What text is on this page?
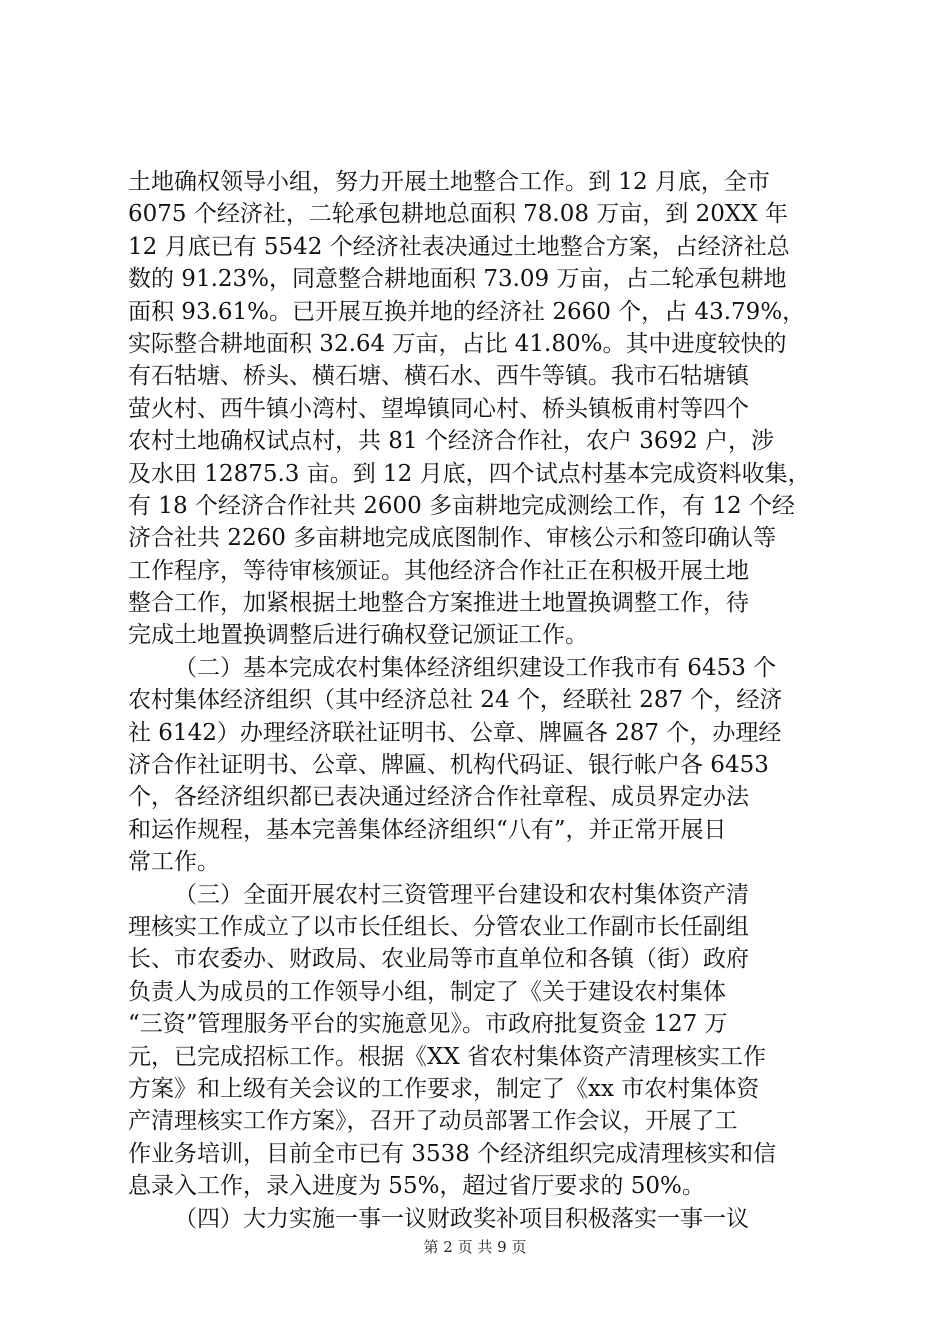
土地确权领导小组，努力开展土地整合工作。到 12 月底，全市
6075 个经济社，二轮承包耕地总面积 78.08 万亩，到 20XX 年
12 月底已有 5542 个经济社表决通过土地整合方案，占经济社总
数的 91.23%，同意整合耕地面积 73.09 万亩，占二轮承包耕地
面积 93.61%。已开展互换并地的经济社 2660 个，占 43.79%，
实际整合耕地面积 32.64 万亩，占比 41.80%。其中进度较快的
有石牯塘、桥头、横石塘、横石水、西牛等镇。我市石牯塘镇
萤火村、西牛镇小湾村、望埠镇同心村、桥头镇板甫村等四个
农村土地确权试点村，共 81 个经济合作社，农户 3692 户，涉
及水田 12875.3 亩。到 12 月底，四个试点村基本完成资料收集，
有 18 个经济合作社共 2600 多亩耕地完成测绘工作，有 12 个经
济合社共 2260 多亩耕地完成底图制作、审核公示和签印确认等
工作程序，等待审核颁证。其他经济合作社正在积极开展土地
整合工作，加紧根据土地整合方案推进土地置换调整工作，待
完成土地置换调整后进行确权登记颁证工作。
（二）基本完成农村集体经济组织建设工作我市有 6453 个
农村集体经济组织（其中经济总社 24 个，经联社 287 个，经济
社 6142）办理经济联社证明书、公章、牌匾各 287 个，办理经
济合作社证明书、公章、牌匾、机构代码证、银行帐户各 6453
个，各经济组织都已表决通过经济合作社章程、成员界定办法
和运作规程，基本完善集体经济组织“八有”，并正常开展日
常工作。
（三）全面开展农村三资管理平台建设和农村集体资产清
理核实工作成立了以市长任组长、分管农业工作副市长任副组
长、市农委办、财政局、农业局等市直单位和各镇（街）政府
负责人为成员的工作领导小组，制定了《关于建设农村集体
“三资”管理服务平台的实施意见》。市政府批复资金 127 万
元，已完成招标工作。根据《XX 省农村集体资产清理核实工作
方案》和上级有关会议的工作要求，制定了《xx 市农村集体资
产清理核实工作方案》，召开了动员部署工作会议，开展了工
作业务培训，目前全市已有 3538 个经济组织完成清理核实和信
息录入工作，录入进度为 55%，超过省厅要求的 50%。
（四）大力实施一事一议财政奖补项目积极落实一事一议
第 2 页 共 9 页
